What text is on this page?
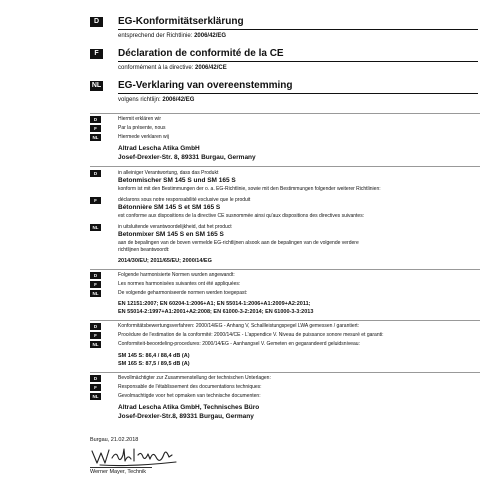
D	EG-Konformitätserklärung
entsprechend der Richtlinie: 2006/42/EG
F	Déclaration de conformité de la CE
conformément à la directive: 2006/42/CE
NL EG-Verklaring van overeenstemming
volgens richtlijn: 2006/42/EG
D	Hiermit erklären wir
F	Par la présente, nous
NL	Hiermede verklaren wij
Altrad Lescha Atika GmbH
Josef-Drexler-Str. 8, 89331 Burgau, Germany
D	in alleiniger Verantwortung, dass das Produkt
Betonmischer SM 145 S und SM 165 S
konform ist mit den Bestimmungen der o. a. EG-Richtlinie, sowie mit den Bestimmungen folgender weiterer Richtlinien:
F	déclarons sous notre responsabilité exclusive que le produit
Bétonnière SM 145 S et SM 165 S
est conforme aux dispositions de la directive CE susnommée ainsi qu'aux dispositions des directives suivantes:
NL	in uitsluitende verantwoordelijkheid, dat het product
Betonmixer SM 145 S en SM 165 S
aan de bepalingen van de boven vermelde EG-richtlijnen alsook aan de bepalingen van de volgende verdere
richtlijnen beantwoordt:
2014/30/EU; 2011/65/EU; 2000/14/EG
D	Folgende harmonisierte Normen wurden angewandt:
F	Les normes harmonisées suivantes ont été appliquées:
NL	De volgende geharmoniseerde normen werden toegepast:
EN 12151:2007; EN 60204-1:2006+A1; EN 55014-1:2006+A1:2009+A2:2011;
EN 55014-2:1997+A1:2001+A2:2008; EN 61000-3-2:2014; EN 61000-3-3:2013
D	Konformitätsbewertungsverfahren: 2000/14/EG - Anhang V, Schallleistungspegel LWA gemessen / garantiert:
F	Procédure de l'estimation de la conformité: 2000/14/CE - L'appendice V. Niveau de puissance sonore mesuré et garanti:
NL	Conformiteit-beoordeling-procedures: 2000/14/EG - Aanhangsel V. Gemeten en gegarandeerd geluidsniveau:
SM 145 S: 86,4 / 88,4 dB (A)
SM 165 S: 87,5 / 89,5 dB (A)
D	Bevollmächtigter zur Zusammenstellung der technischen Unterlagen:
F	Responsable de l'établissement des documentations techniques:
NL	Gevolmachtigde voor het opmaken van technische documenten:
Altrad Lescha Atika GmbH, Technisches Büro
Josef-Drexler-Str.8, 89331 Burgau, Germany
Burgau, 21.02.2018
Werner Mayer, Technik
